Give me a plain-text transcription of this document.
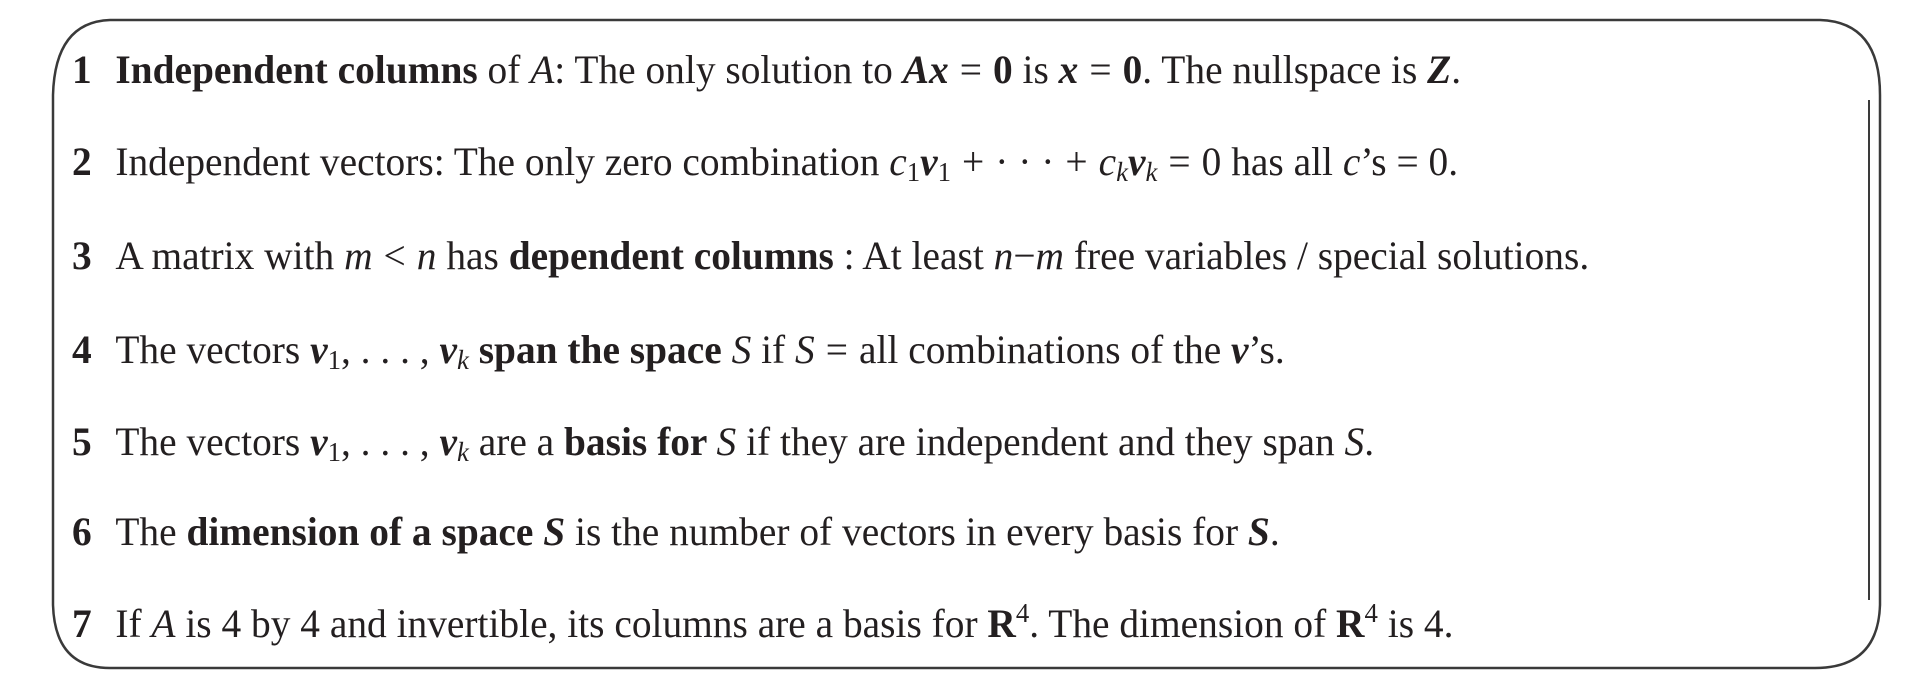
1 Independent columns of A: The only solution to Ax = 0 is x = 0. The nullspace is Z.
2 Independent vectors: The only zero combination $c_1v_1$ + · · · + $c_kv_k = 0$ has all c’s = 0.
3 A matrix with m < n has dependent columns : At least n−m free variables / special solutions.
4 The vectors $v_1$, . . . , $v_k$ span the space S if S = all combinations of the v’s.
5 The vectors $v_1$, . . . , $v_k$ are a basis for S if they are independent and they span S.
6 The dimension of a space S is the number of vectors in every basis for S.
7 If A is 4 by 4 and invertible, its columns are a basis for $R^4$. The dimension of $R^4$ is 4.
